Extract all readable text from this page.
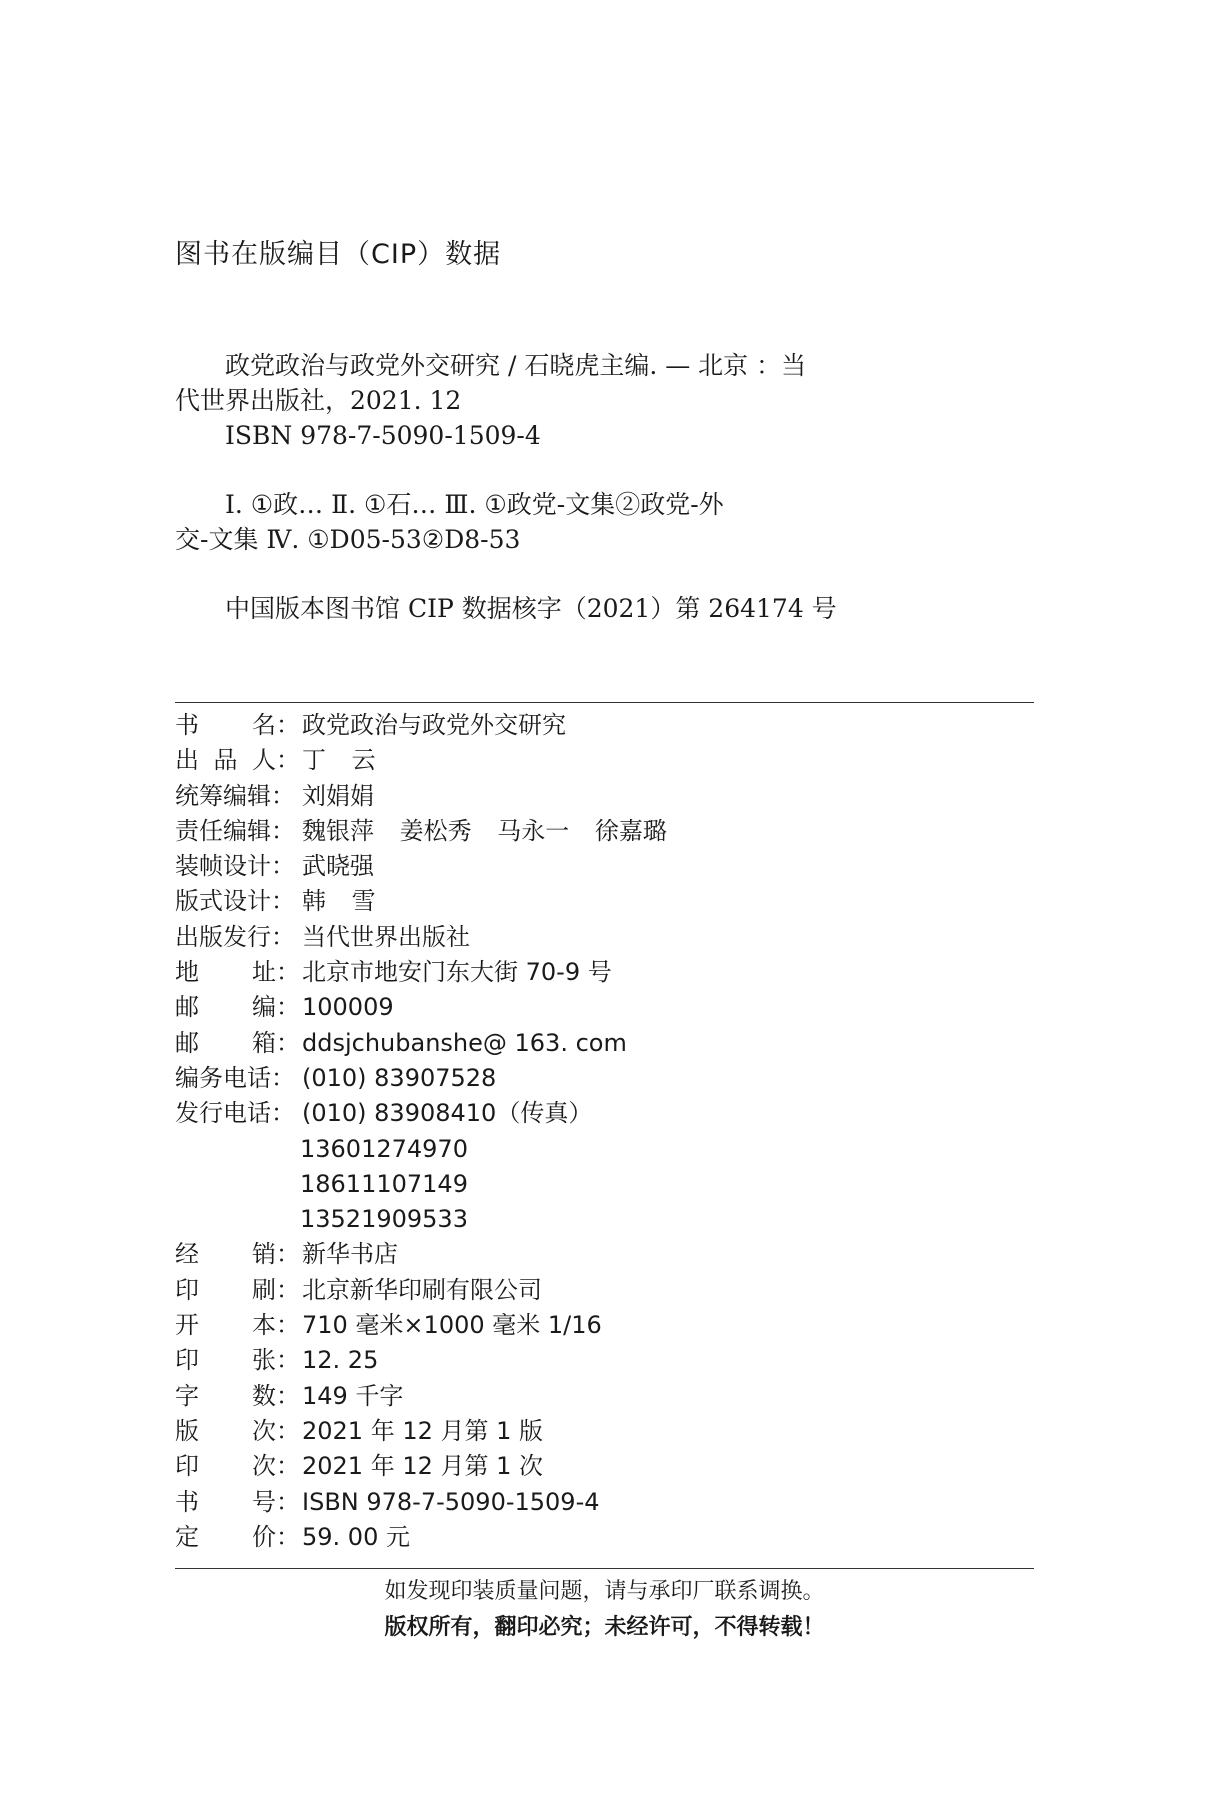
图书在版编目（CIP）数据
政党政治与政党外交研究 / 石晓虎主编. — 北京 ：当
代世界出版社，2021. 12
ISBN 978-7-5090-1509-4
Ⅰ. ①政… Ⅱ. ①石… Ⅲ. ①政党-文集②政党-外
交-文集 Ⅳ. ①D05-53②D8-53
中国版本图书馆 CIP 数据核字（2021）第 264174 号
书 名： 政党政治与政党外交研究
出 品 人： 丁 云
统筹编辑： 刘娟娟
责任编辑： 魏银萍 姜松秀 马永一 徐嘉璐
装帧设计： 武晓强
版式设计： 韩 雪
出版发行： 当代世界出版社
地 址： 北京市地安门东大街 70-9 号
邮 编： 100009
邮 箱： ddsjchubanshe@ 163. com
编务电话： (010) 83907528
发行电话： (010) 83908410（传真）
13601274970
18611107149
13521909533
经 销： 新华书店
印 刷： 北京新华印刷有限公司
开 本： 710 毫米×1000 毫米 1/16
印 张： 12. 25
字 数： 149 千字
版 次： 2021 年 12 月第 1 版
印 次： 2021 年 12 月第 1 次
书 号： ISBN 978-7-5090-1509-4
定 价： 59. 00 元
如发现印装质量问题，请与承印厂联系调换。
版权所有，翻印必究；未经许可，不得转载！
